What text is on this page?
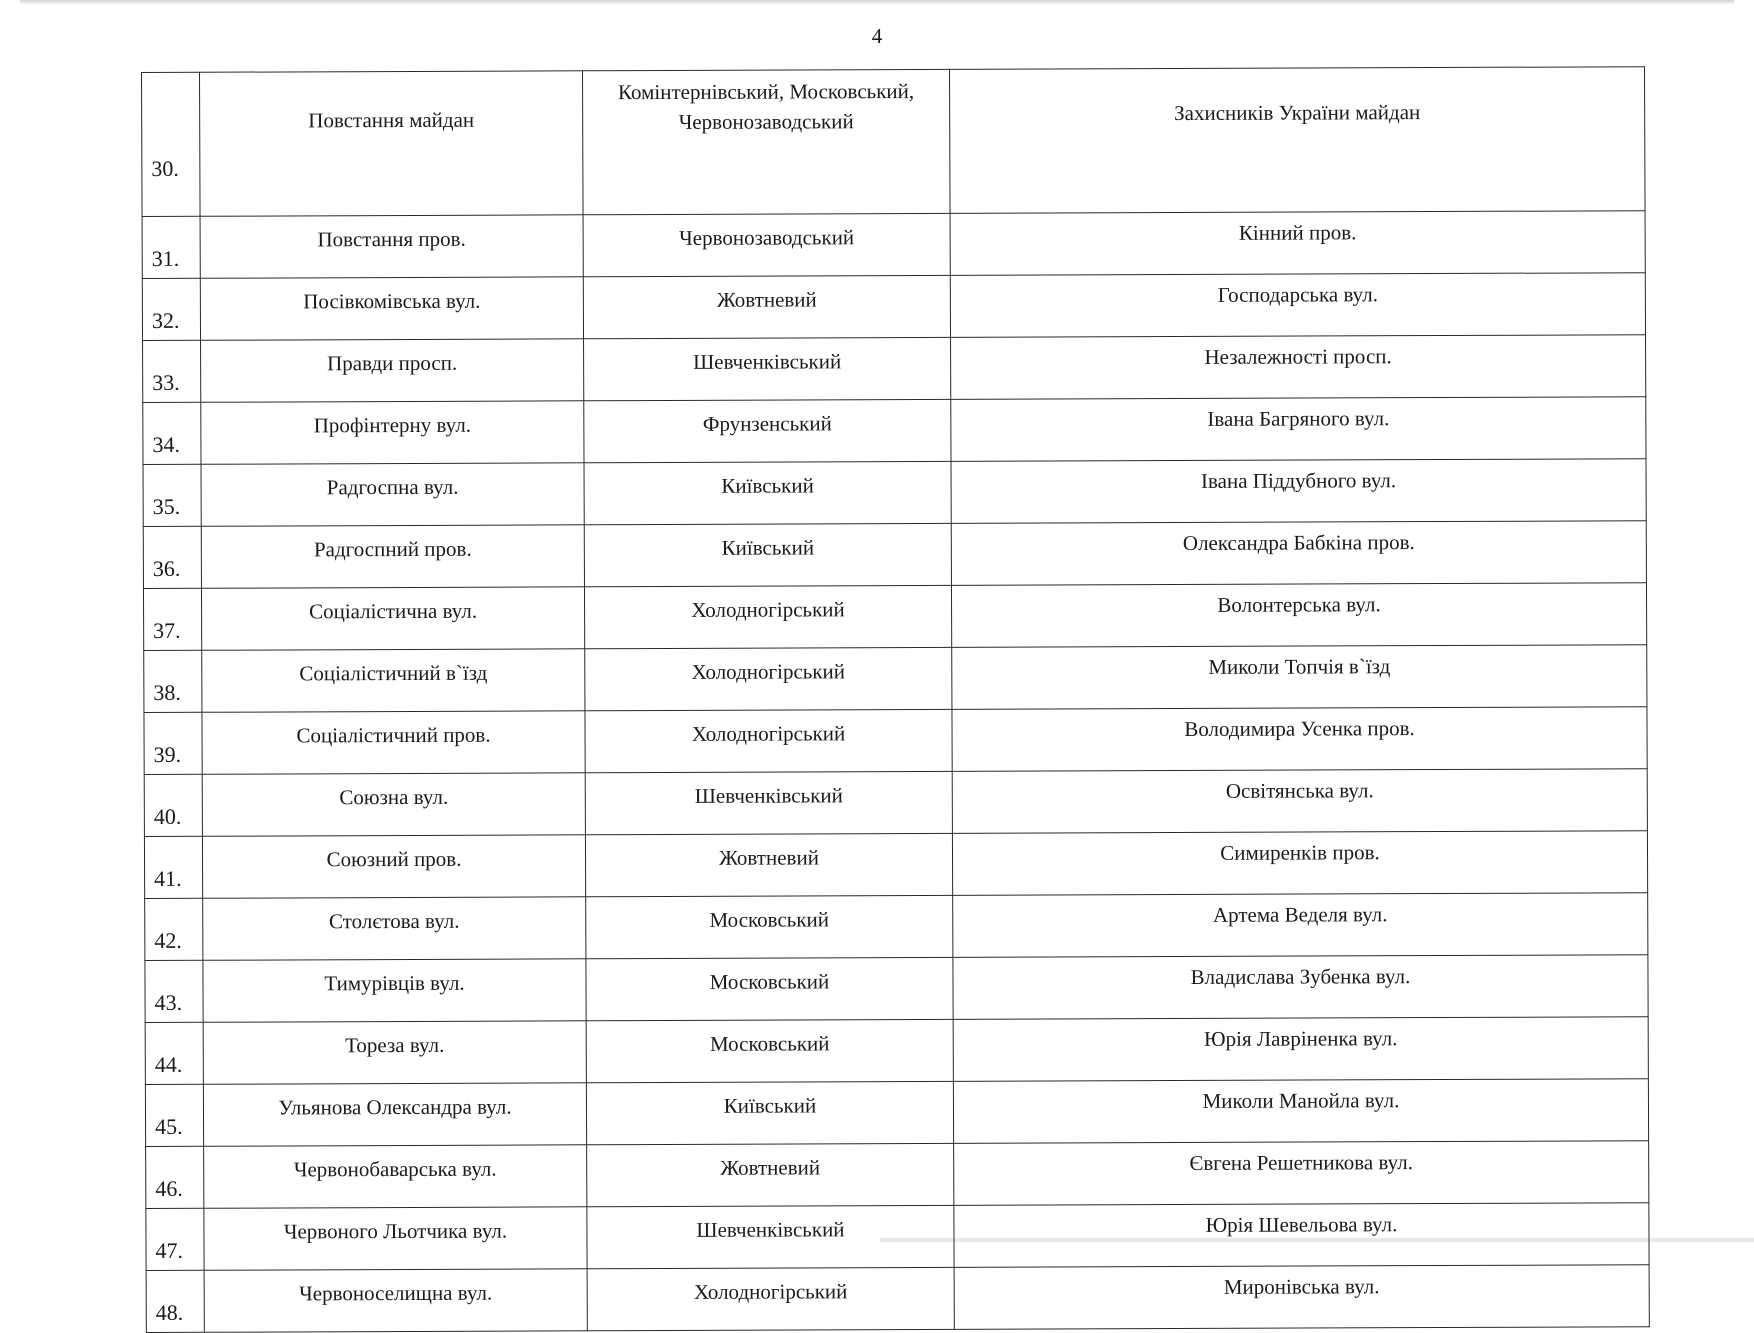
4
30.	Повстання майдан	Комінтернівський, Московський, Червонозаводський	Захисників України майдан
31.	Повстання пров.	Червонозаводський	Кінний пров.
32.	Посівкомівська вул.	Жовтневий	Господарська вул.
33.	Правди просп.	Шевченківський	Незалежності просп.
34.	Профінтерну вул.	Фрунзенський	Івана Багряного вул.
35.	Радгоспна вул.	Київський	Івана Піддубного вул.
36.	Радгоспний пров.	Київський	Олександра Бабкіна пров.
37.	Соціалістична вул.	Холодногірський	Волонтерська вул.
38.	Соціалістичний в`їзд	Холодногірський	Миколи Топчія в`їзд
39.	Соціалістичний пров.	Холодногірський	Володимира Усенка пров.
40.	Союзна вул.	Шевченківський	Освітянська вул.
41.	Союзний пров.	Жовтневий	Симиренків пров.
42.	Столєтова вул.	Московський	Артема Веделя вул.
43.	Тимурівців вул.	Московський	Владислава Зубенка вул.
44.	Тореза вул.	Московський	Юрія Лавріненка вул.
45.	Ульянова Олександра вул.	Київський	Миколи Манойла вул.
46.	Червонобаварська вул.	Жовтневий	Євгена Решетникова вул.
47.	Червоного Льотчика вул.	Шевченківський	Юрія Шевельова вул.
48.	Червоноселищна вул.	Холодногірський	Миронівська вул.
